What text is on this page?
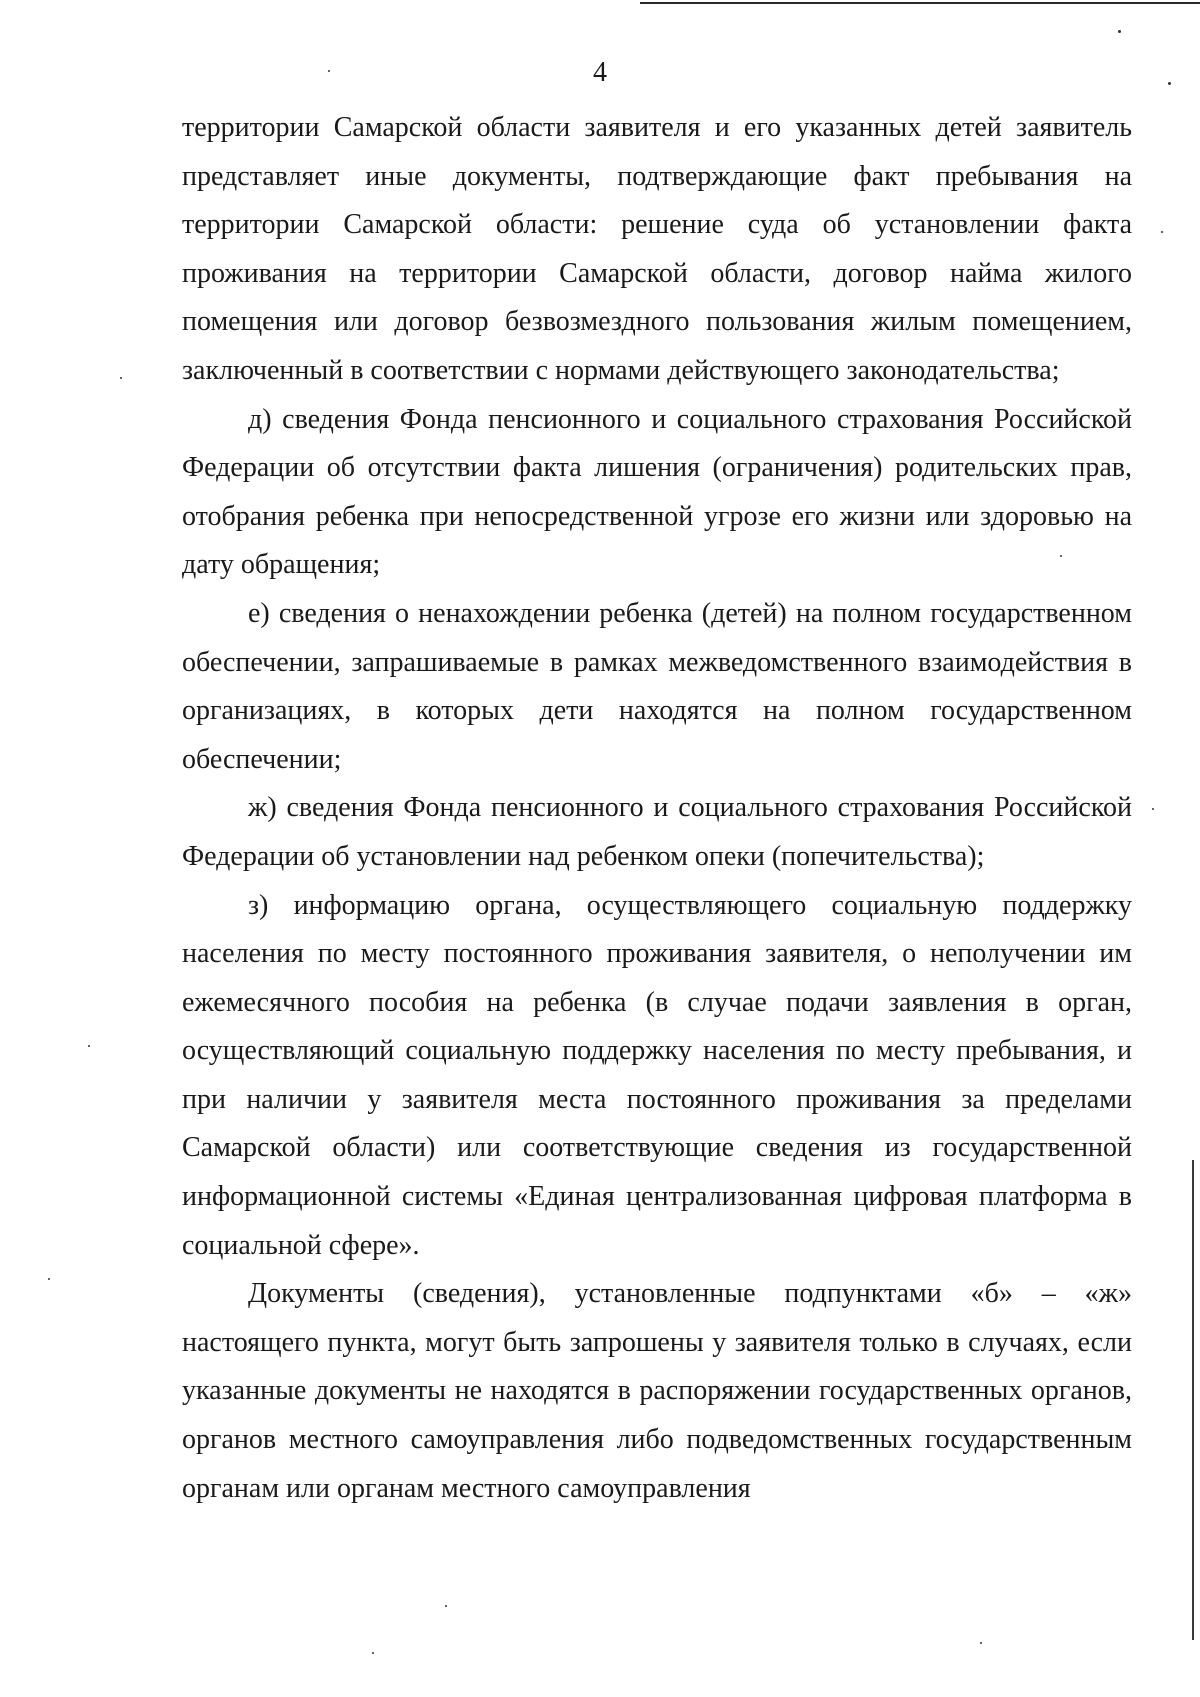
4

территории Самарской области заявителя и его указанных детей заявитель представляет иные документы, подтверждающие факт пребывания на территории Самарской области: решение суда об установлении факта проживания на территории Самарской области, договор найма жилого помещения или договор безвозмездного пользования жилым помещением, заключенный в соответствии с нормами действующего законодательства;

д) сведения Фонда пенсионного и социального страхования Российской Федерации об отсутствии факта лишения (ограничения) родительских прав, отобрания ребенка при непосредственной угрозе его жизни или здоровью на дату обращения;

е) сведения о ненахождении ребенка (детей) на полном государственном обеспечении, запрашиваемые в рамках межведомственного взаимодействия в организациях, в которых дети находятся на полном государственном обеспечении;

ж) сведения Фонда пенсионного и социального страхования Российской Федерации об установлении над ребенком опеки (попечительства);

з) информацию органа, осуществляющего социальную поддержку населения по месту постоянного проживания заявителя, о неполучении им ежемесячного пособия на ребенка (в случае подачи заявления в орган, осуществляющий социальную поддержку населения по месту пребывания, и при наличии у заявителя места постоянного проживания за пределами Самарской области) или соответствующие сведения из государственной информационной системы «Единая централизованная цифровая платформа в социальной сфере».

Документы (сведения), установленные подпунктами «б» – «ж» настоящего пункта, могут быть запрошены у заявителя только в случаях, если указанные документы не находятся в распоряжении государственных органов, органов местного самоуправления либо подведомственных государственным органам или органам местного самоуправления
